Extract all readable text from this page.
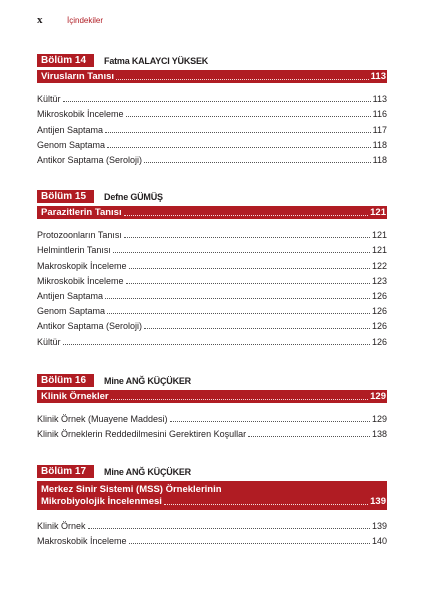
x	İçindekiler
Bölüm 14	Fatma KALAYCI YÜKSEK
Virusların Tanısı	113
Kültür	113
Mikroskobik İnceleme	116
Antijen Saptama	117
Genom Saptama	118
Antikor Saptama (Seroloji)	118
Bölüm 15	Defne GÜMÜŞ
Parazitlerin Tanısı	121
Protozoonların Tanısı	121
Helmintlerin Tanısı	121
Makroskopik İnceleme	122
Mikroskobik İnceleme	123
Antijen Saptama	126
Genom Saptama	126
Antikor Saptama (Seroloji)	126
Kültür	126
Bölüm 16	Mine ANĞ KÜÇÜKER
Klinik Örnekler	129
Klinik Örnek (Muayene Maddesi)	129
Klinik Örneklerin Reddedilmesini Gerektiren Koşullar	138
Bölüm 17	Mine ANĞ KÜÇÜKER
Merkez Sinir Sistemi (MSS) Örneklerinin
Mikrobiyolojik İncelenmesi	139
Klinik Örnek	139
Makroskobik İnceleme	140
